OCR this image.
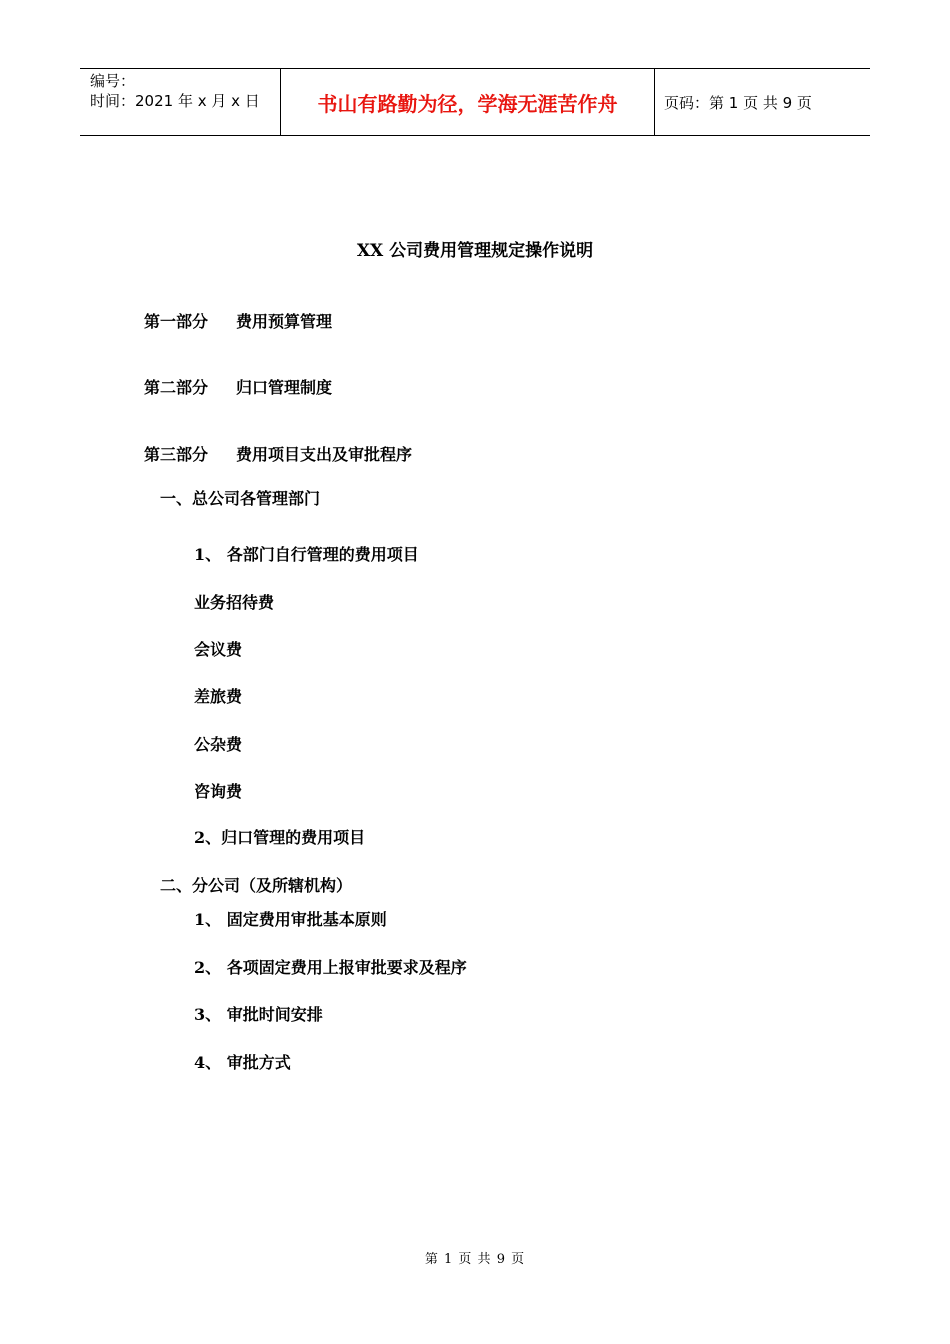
编号：
时间：2021 年 x 月 x 日	书山有路勤为径，学海无涯苦作舟	页码：第 1 页 共 9 页
XX 公司费用管理规定操作说明
第一部分 费用预算管理
第二部分 归口管理制度
第三部分 费用项目支出及审批程序
一、总公司各管理部门
1、 各部门自行管理的费用项目
业务招待费
会议费
差旅费
公杂费
咨询费
2、归口管理的费用项目
二、分公司（及所辖机构）
1、 固定费用审批基本原则
2、 各项固定费用上报审批要求及程序
3、 审批时间安排
4、 审批方式
第 1 页 共 9 页
